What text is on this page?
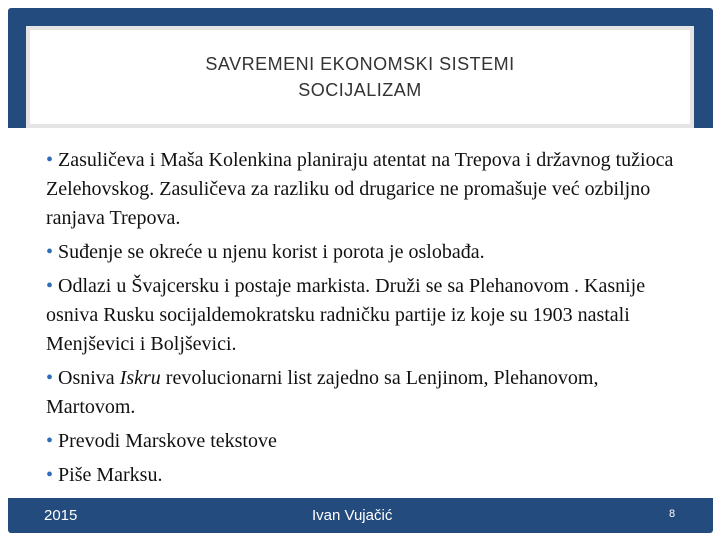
SAVREMENI EKONOMSKI SISTEMI
SOCIJALIZAM
• Zasuličeva i Maša Kolenkina planiraju atentat na Trepova i državnog tužioca Zelehovskog. Zasuličeva za razliku od drugarice ne promašuje već ozbiljno ranjava Trepova.
• Suđenje se okreće u njenu korist i porota je oslobađa.
• Odlazi u Švajcersku i postaje markista. Druži se sa Plehanovom . Kasnije osniva Rusku socijaldemokratsku radničku partije iz koje su 1903 nastali Menjševici i Boljševici.
• Osniva Iskru revolucionarni list zajedno sa Lenjinom, Plehanovom, Martovom.
• Prevodi Marskove tekstove
• Piše Marksu.
2015	Ivan Vujačić	8
